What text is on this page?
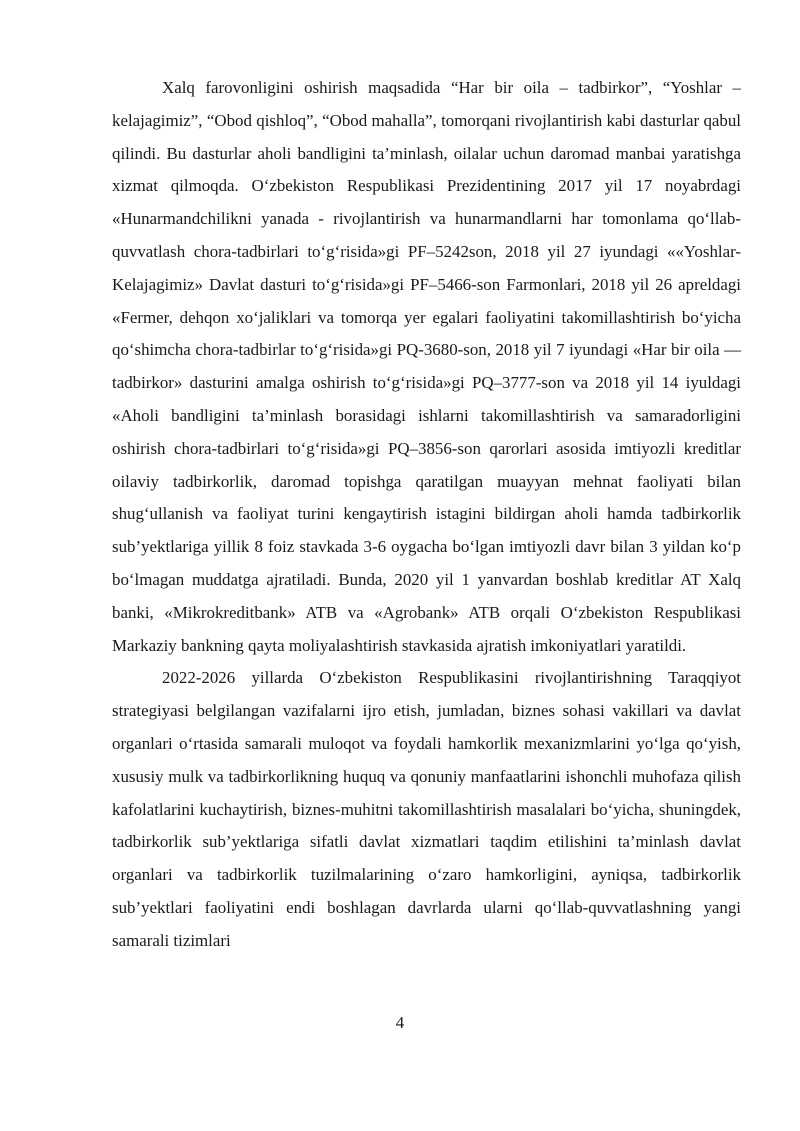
Xalq farovonligini oshirish maqsadida “Har bir oila – tadbirkor”, “Yoshlar – kelajagimiz”, “Obod qishloq”, “Obod mahalla”, tomorqani rivojlantirish kabi dasturlar qabul qilindi. Bu dasturlar aholi bandligini ta’minlash, oilalar uchun daromad manbai yaratishga xizmat qilmoqda. O‘zbekiston Respublikasi Prezidentining 2017 yil 17 noyabrdagi «Hunarmandchilikni yanada - rivojlantirish va hunarmandlarni har tomonlama qo‘llab-quvvatlash chora-tadbirlari to‘g‘risida»gi PF–5242son, 2018 yil 27 iyundagi ««Yoshlar-Kelajagimiz» Davlat dasturi to‘g‘risida»gi PF–5466-son Farmonlari, 2018 yil 26 apreldagi «Fermer, dehqon xo‘jaliklari va tomorqa yer egalari faoliyatini takomillashtirish bo‘yicha qo‘shimcha chora-tadbirlar to‘g‘risida»gi PQ-3680-son, 2018 yil 7 iyundagi «Har bir oila — tadbirkor» dasturini amalga oshirish to‘g‘risida»gi PQ–3777-son va 2018 yil 14 iyuldagi «Aholi bandligini ta’minlash borasidagi ishlarni takomillashtirish va samaradorligini oshirish chora-tadbirlari to‘g‘risida»gi PQ–3856-son qarorlari asosida imtiyozli kreditlar oilaviy tadbirkorlik, daromad topishga qaratilgan muayyan mehnat faoliyati bilan shug‘ullanish va faoliyat turini kengaytirish istagini bildirgan aholi hamda tadbirkorlik sub’yektlariga yillik 8 foiz stavkada 3-6 oygacha bo‘lgan imtiyozli davr bilan 3 yildan ko‘p bo‘lmagan muddatga ajratiladi. Bunda, 2020 yil 1 yanvardan boshlab kreditlar AT Xalq banki, «Mikrokreditbank» ATB va «Agrobank» ATB orqali O‘zbekiston Respublikasi Markaziy bankning qayta moliyalashtirish stavkasida ajratish imkoniyatlari yaratildi.

2022-2026 yillarda O‘zbekiston Respublikasini rivojlantirishning Taraqqiyot strategiyasi belgilangan vazifalarni ijro etish, jumladan, biznes sohasi vakillari va davlat organlari o‘rtasida samarali muloqot va foydali hamkorlik mexanizmlarini yo‘lga qo‘yish, xususiy mulk va tadbirkorlikning huquq va qonuniy manfaatlarini ishonchli muhofaza qilish kafolatlarini kuchaytirish, biznes-muhitni takomillashtirish masalalari bo‘yicha, shuningdek, tadbirkorlik sub’yektlariga sifatli davlat xizmatlari taqdim etilishini ta’minlash davlat organlari va tadbirkorlik tuzilmalarining o‘zaro hamkorligini, ayniqsa, tadbirkorlik sub’yektlari faoliyatini endi boshlagan davrlarda ularni qo‘llab-quvvatlashning yangi samarali tizimlari

4
